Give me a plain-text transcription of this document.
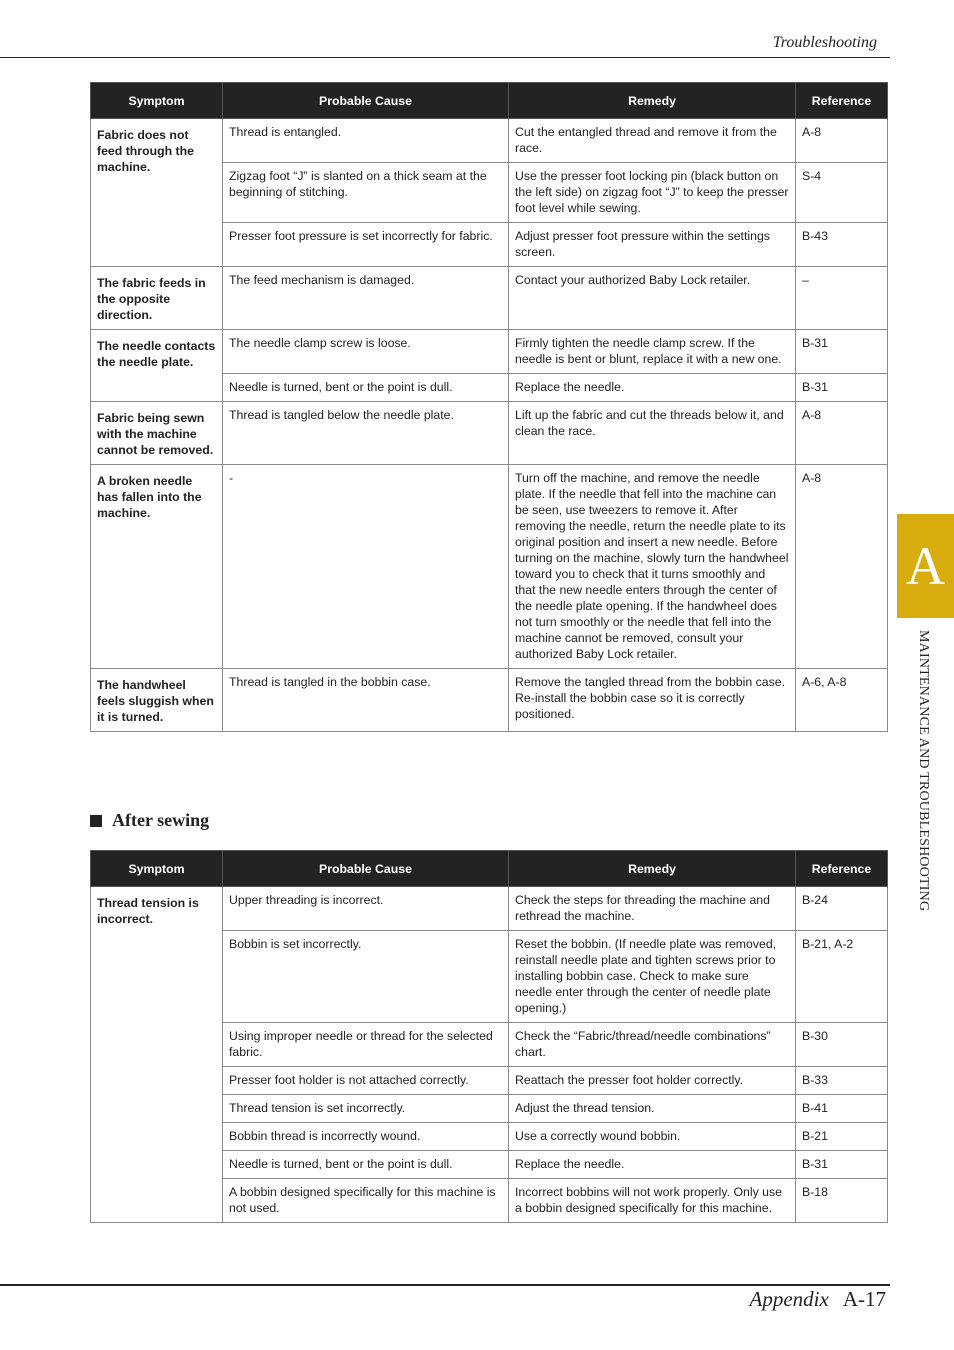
Troubleshooting
A
MAINTENANCE AND TROUBLESHOOTING
Symptom	Probable Cause	Remedy	Reference
Fabric does not feed through the machine.	Thread is entangled.	Cut the entangled thread and remove it from the race.	A-8
	Zigzag foot “J” is slanted on a thick seam at the beginning of stitching.	Use the presser foot locking pin (black button on the left side) on zigzag foot “J” to keep the presser foot level while sewing.	S-4
	Presser foot pressure is set incorrectly for fabric.	Adjust presser foot pressure within the settings screen.	B-43
The fabric feeds in the opposite direction.	The feed mechanism is damaged.	Contact your authorized Baby Lock retailer.	–
The needle contacts the needle plate.	The needle clamp screw is loose.	Firmly tighten the needle clamp screw. If the needle is bent or blunt, replace it with a new one.	B-31
	Needle is turned, bent or the point is dull.	Replace the needle.	B-31
Fabric being sewn with the machine cannot be removed.	Thread is tangled below the needle plate.	Lift up the fabric and cut the threads below it, and clean the race.	A-8
A broken needle has fallen into the machine.	-	Turn off the machine, and remove the needle plate. If the needle that fell into the machine can be seen, use tweezers to remove it. After removing the needle, return the needle plate to its original position and insert a new needle. Before turning on the machine, slowly turn the handwheel toward you to check that it turns smoothly and that the new needle enters through the center of the needle plate opening. If the handwheel does not turn smoothly or the needle that fell into the machine cannot be removed, consult your authorized Baby Lock retailer.	A-8
The handwheel feels sluggish when it is turned.	Thread is tangled in the bobbin case.	Remove the tangled thread from the bobbin case. Re-install the bobbin case so it is correctly positioned.	A-6, A-8
After sewing
Symptom	Probable Cause	Remedy	Reference
Thread tension is incorrect.	Upper threading is incorrect.	Check the steps for threading the machine and rethread the machine.	B-24
	Bobbin is set incorrectly.	Reset the bobbin. (If needle plate was removed, reinstall needle plate and tighten screws prior to installing bobbin case. Check to make sure needle enter through the center of needle plate opening.)	B-21, A-2
	Using improper needle or thread for the selected fabric.	Check the “Fabric/thread/needle combinations” chart.	B-30
	Presser foot holder is not attached correctly.	Reattach the presser foot holder correctly.	B-33
	Thread tension is set incorrectly.	Adjust the thread tension.	B-41
	Bobbin thread is incorrectly wound.	Use a correctly wound bobbin.	B-21
	Needle is turned, bent or the point is dull.	Replace the needle.	B-31
	A bobbin designed specifically for this machine is not used.	Incorrect bobbins will not work properly. Only use a bobbin designed specifically for this machine.	B-18
Appendix A-17
